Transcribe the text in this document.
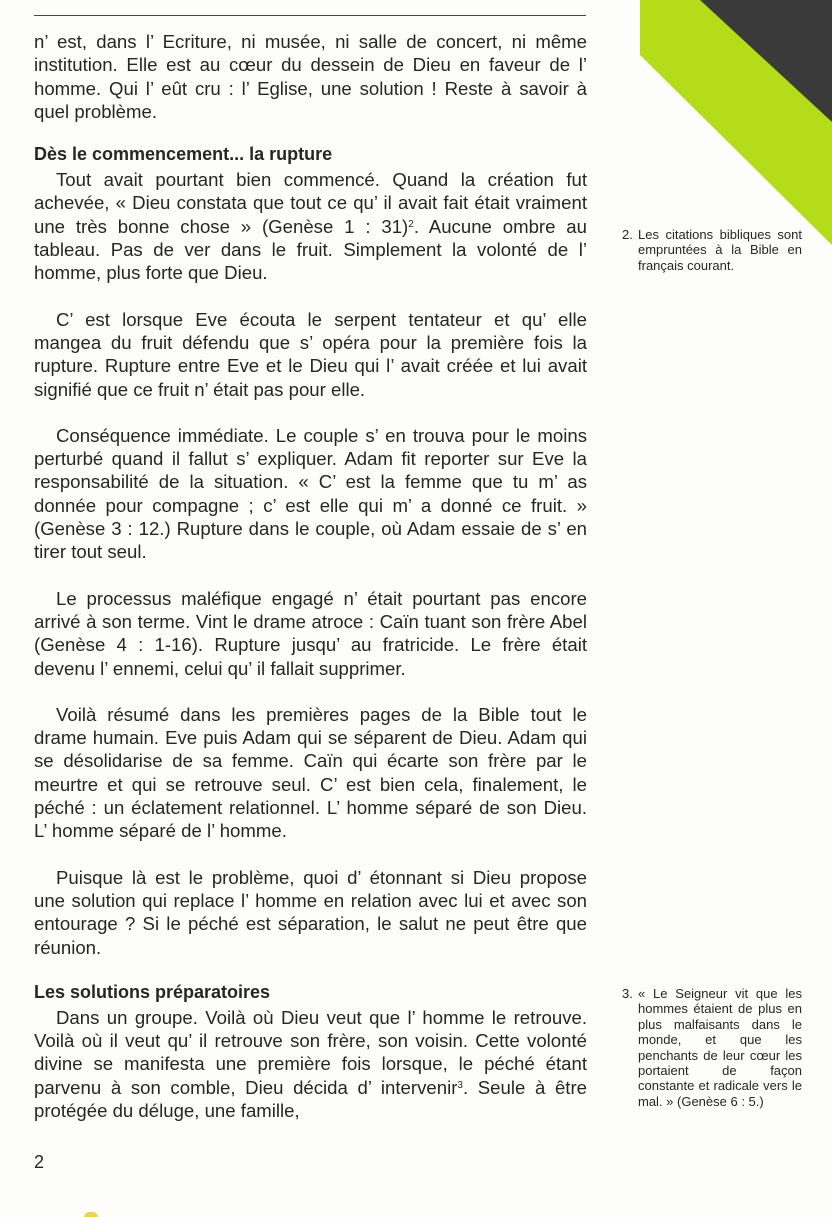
n’ est, dans l’ Ecriture, ni musée, ni salle de concert, ni même institution. Elle est au cœur du dessein de Dieu en faveur de l’ homme. Qui l’ eût cru : l’ Eglise, une solution ! Reste à savoir à quel problème.

Dès le commencement... la rupture

Tout avait pourtant bien commencé. Quand la création fut achevée, « Dieu constata que tout ce qu’ il avait fait était vraiment une très bonne chose » (Genèse 1 : 31)$^2$. Aucune ombre au tableau. Pas de ver dans le fruit. Simplement la volonté de l’ homme, plus forte que Dieu.

C’ est lorsque Eve écouta le serpent tentateur et qu’ elle mangea du fruit défendu que s’ opéra pour la première fois la rupture. Rupture entre Eve et le Dieu qui l’ avait créée et lui avait signifié que ce fruit n’ était pas pour elle.

Conséquence immédiate. Le couple s’ en trouva pour le moins perturbé quand il fallut s’ expliquer. Adam fit reporter sur Eve la responsabilité de la situation. « C’ est la femme que tu m’ as donnée pour compagne ; c’ est elle qui m’ a donné ce fruit. » (Genèse 3 : 12.) Rupture dans le couple, où Adam essaie de s’ en tirer tout seul.

Le processus maléfique engagé n’ était pourtant pas encore arrivé à son terme. Vint le drame atroce : Caïn tuant son frère Abel (Genèse 4 : 1-16). Rupture jusqu’ au fratricide. Le frère était devenu l’ ennemi, celui qu’ il fallait supprimer.

Voilà résumé dans les premières pages de la Bible tout le drame humain. Eve puis Adam qui se séparent de Dieu. Adam qui se désolidarise de sa femme. Caïn qui écarte son frère par le meurtre et qui se retrouve seul. C’ est bien cela, finalement, le péché : un éclatement relationnel. L’ homme séparé de son Dieu. L’ homme séparé de l’ homme.

Puisque là est le problème, quoi d’ étonnant si Dieu propose une solution qui replace l’ homme en relation avec lui et avec son entourage ? Si le péché est séparation, le salut ne peut être que réunion.

Les solutions préparatoires

Dans un groupe. Voilà où Dieu veut que l’ homme le retrouve. Voilà où il veut qu’ il retrouve son frère, son voisin. Cette volonté divine se manifesta une première fois lorsque, le péché étant parvenu à son comble, Dieu décida d’ intervenir$^3$. Seule à être protégée du déluge, une famille,

2. Les citations bibliques sont empruntées à la Bible en français courant.
3. « Le Seigneur vit que les hommes étaient de plus en plus malfaisants dans le monde, et que les penchants de leur cœur les portaient de façon constante et radicale vers le mal. » (Genèse 6 : 5.)
2
